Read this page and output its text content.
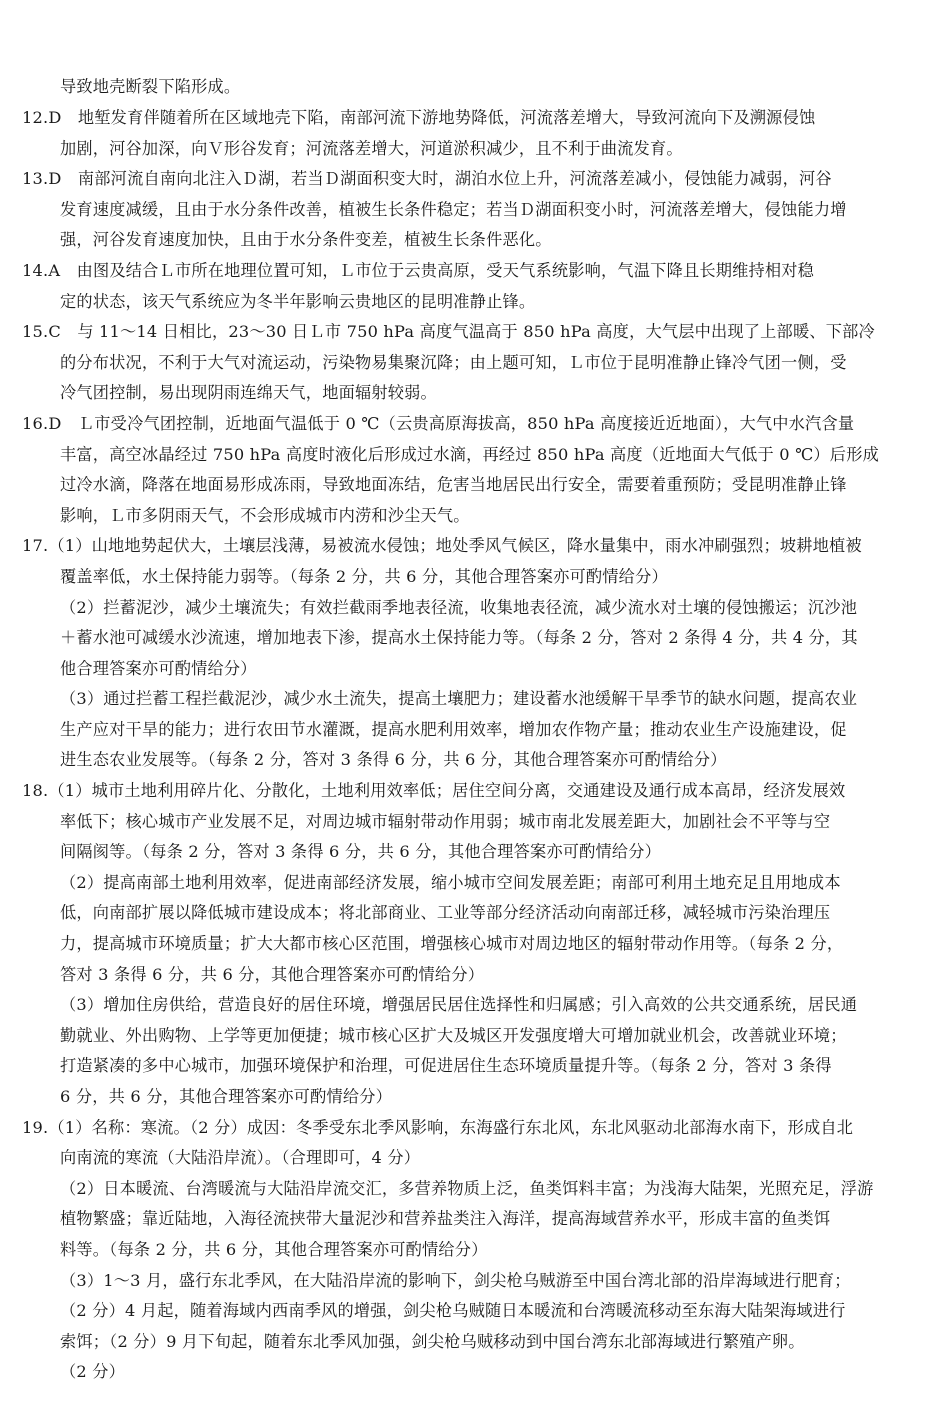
导致地壳断裂下陷形成。
12.D　地堑发育伴随着所在区域地壳下陷，南部河流下游地势降低，河流落差增大，导致河流向下及溯源侵蚀
加剧，河谷加深，向Ｖ形谷发育；河流落差增大，河道淤积减少，且不利于曲流发育。
13.D　南部河流自南向北注入Ｄ湖，若当Ｄ湖面积变大时，湖泊水位上升，河流落差减小，侵蚀能力减弱，河谷
发育速度减缓，且由于水分条件改善，植被生长条件稳定；若当Ｄ湖面积变小时，河流落差增大，侵蚀能力增
强，河谷发育速度加快，且由于水分条件变差，植被生长条件恶化。
14.A　由图及结合Ｌ市所在地理位置可知，Ｌ市位于云贵高原，受天气系统影响，气温下降且长期维持相对稳
定的状态，该天气系统应为冬半年影响云贵地区的昆明准静止锋。
15.C　与 11～14 日相比，23～30 日Ｌ市 750 hPa 高度气温高于 850 hPa 高度，大气层中出现了上部暖、下部冷
的分布状况，不利于大气对流运动，污染物易集聚沉降；由上题可知，Ｌ市位于昆明准静止锋冷气团一侧，受
冷气团控制，易出现阴雨连绵天气，地面辐射较弱。
16.D　Ｌ市受冷气团控制，近地面气温低于 0 ℃（云贵高原海拔高，850 hPa 高度接近近地面），大气中水汽含量
丰富，高空冰晶经过 750 hPa 高度时液化后形成过水滴，再经过 850 hPa 高度（近地面大气低于 0 ℃）后形成
过冷水滴，降落在地面易形成冻雨，导致地面冻结，危害当地居民出行安全，需要着重预防；受昆明准静止锋
影响，Ｌ市多阴雨天气，不会形成城市内涝和沙尘天气。
17.（1）山地地势起伏大，土壤层浅薄，易被流水侵蚀；地处季风气候区，降水量集中，雨水冲刷强烈；坡耕地植被
覆盖率低，水土保持能力弱等。（每条 2 分，共 6 分，其他合理答案亦可酌情给分）
（2）拦蓄泥沙，减少土壤流失；有效拦截雨季地表径流，收集地表径流，减少流水对土壤的侵蚀搬运；沉沙池
＋蓄水池可减缓水沙流速，增加地表下渗，提高水土保持能力等。（每条 2 分，答对 2 条得 4 分，共 4 分，其
他合理答案亦可酌情给分）
（3）通过拦蓄工程拦截泥沙，减少水土流失，提高土壤肥力；建设蓄水池缓解干旱季节的缺水问题，提高农业
生产应对干旱的能力；进行农田节水灌溉，提高水肥利用效率，增加农作物产量；推动农业生产设施建设，促
进生态农业发展等。（每条 2 分，答对 3 条得 6 分，共 6 分，其他合理答案亦可酌情给分）
18.（1）城市土地利用碎片化、分散化，土地利用效率低；居住空间分离，交通建设及通行成本高昂，经济发展效
率低下；核心城市产业发展不足，对周边城市辐射带动作用弱；城市南北发展差距大，加剧社会不平等与空
间隔阂等。（每条 2 分，答对 3 条得 6 分，共 6 分，其他合理答案亦可酌情给分）
（2）提高南部土地利用效率，促进南部经济发展，缩小城市空间发展差距；南部可利用土地充足且用地成本
低，向南部扩展以降低城市建设成本；将北部商业、工业等部分经济活动向南部迁移，减轻城市污染治理压
力，提高城市环境质量；扩大大都市核心区范围，增强核心城市对周边地区的辐射带动作用等。（每条 2 分，
答对 3 条得 6 分，共 6 分，其他合理答案亦可酌情给分）
（3）增加住房供给，营造良好的居住环境，增强居民居住选择性和归属感；引入高效的公共交通系统，居民通
勤就业、外出购物、上学等更加便捷；城市核心区扩大及城区开发强度增大可增加就业机会，改善就业环境；
打造紧凑的多中心城市，加强环境保护和治理，可促进居住生态环境质量提升等。（每条 2 分，答对 3 条得
6 分，共 6 分，其他合理答案亦可酌情给分）
19.（1）名称：寒流。（2 分）成因：冬季受东北季风影响，东海盛行东北风，东北风驱动北部海水南下，形成自北
向南流的寒流（大陆沿岸流）。（合理即可，4 分）
（2）日本暖流、台湾暖流与大陆沿岸流交汇，多营养物质上泛，鱼类饵料丰富；为浅海大陆架，光照充足，浮游
植物繁盛；靠近陆地，入海径流挟带大量泥沙和营养盐类注入海洋，提高海域营养水平，形成丰富的鱼类饵
料等。（每条 2 分，共 6 分，其他合理答案亦可酌情给分）
（3）1～3 月，盛行东北季风，在大陆沿岸流的影响下，剑尖枪乌贼游至中国台湾北部的沿岸海域进行肥育；
（2 分）4 月起，随着海域内西南季风的增强，剑尖枪乌贼随日本暖流和台湾暖流移动至东海大陆架海域进行
索饵；（2 分）9 月下旬起，随着东北季风加强，剑尖枪乌贼移动到中国台湾东北部海域进行繁殖产卵。
（2 分）
